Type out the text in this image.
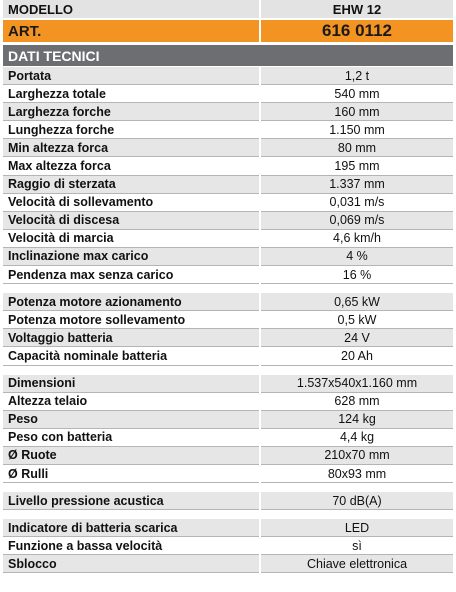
MODELLO	EHW 12
ART.	616 0112
DATI TECNICI
Portata	1,2 t
Larghezza totale	540 mm
Larghezza forche	160 mm
Lunghezza forche	1.150 mm
Min altezza forca	80 mm
Max altezza forca	195 mm
Raggio di sterzata	1.337 mm
Velocità di sollevamento	0,031 m/s
Velocità di discesa	0,069 m/s
Velocità di marcia	4,6 km/h
Inclinazione max carico	4 %
Pendenza max senza carico	16 %
Potenza motore azionamento	0,65 kW
Potenza motore sollevamento	0,5 kW
Voltaggio batteria	24 V
Capacità nominale batteria	20 Ah
Dimensioni	1.537x540x1.160 mm
Altezza telaio	628 mm
Peso	124 kg
Peso con batteria	4,4 kg
Ø Ruote	210x70 mm
Ø Rulli	80x93 mm
Livello pressione acustica	70 dB(A)
Indicatore di batteria scarica	LED
Funzione a bassa velocità	sì
Sblocco	Chiave elettronica
